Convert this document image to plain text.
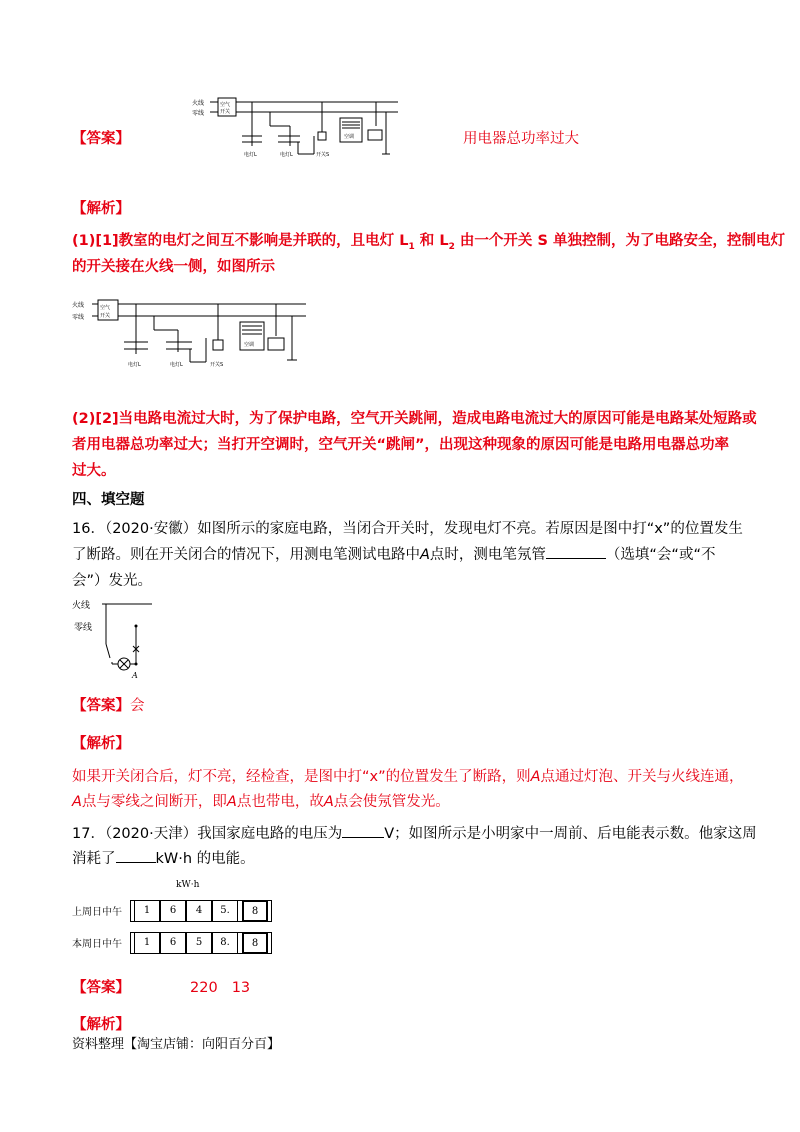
【答案】
火线
零线
空气
开关
电灯L	电灯L	开关S
空调	用电器总功率过大
【解析】
(1)[1]教室的电灯之间互不影响是并联的，且电灯 $L_1$ 和 $L_2$ 由一个开关 S 单独控制，为了电路安全，控制电灯
的开关接在火线一侧，如图所示
火线
零线
空气
开关
电灯L	电灯L	开关S
空调
(2)[2]当电路电流过大时，为了保护电路，空气开关跳闸，造成电路电流过大的原因可能是电路某处短路或
者用电器总功率过大；当打开空调时，空气开关“跳闸”，出现这种现象的原因可能是电路用电器总功率
过大。
四、填空题
16．（2020·安徽）如图所示的家庭电路，当闭合开关时，发现电灯不亮。若原因是图中打“x”的位置发生
了断路。则在开关闭合的情况下，用测电笔测试电路中A点时，测电笔氖管	（选填“会“或“不
会”）发光。
火线
零线
A
【答案】会
【解析】
如果开关闭合后，灯不亮，经检查，是图中打“x”的位置发生了断路，则A点通过灯泡、开关与火线连通，
A点与零线之间断开，即A点也带电，故A点会使氖管发光。
17．（2020·天津）我国家庭电路的电压为	V；如图所示是小明家中一周前、后电能表示数。他家这周
消耗了	kW·h 的电能。
kW·h
上周日中午	1	6	4	5.	8
本周日中午	1	6	5	8.	8
【答案】	220 13
【解析】
资料整理【淘宝店铺：向阳百分百】
